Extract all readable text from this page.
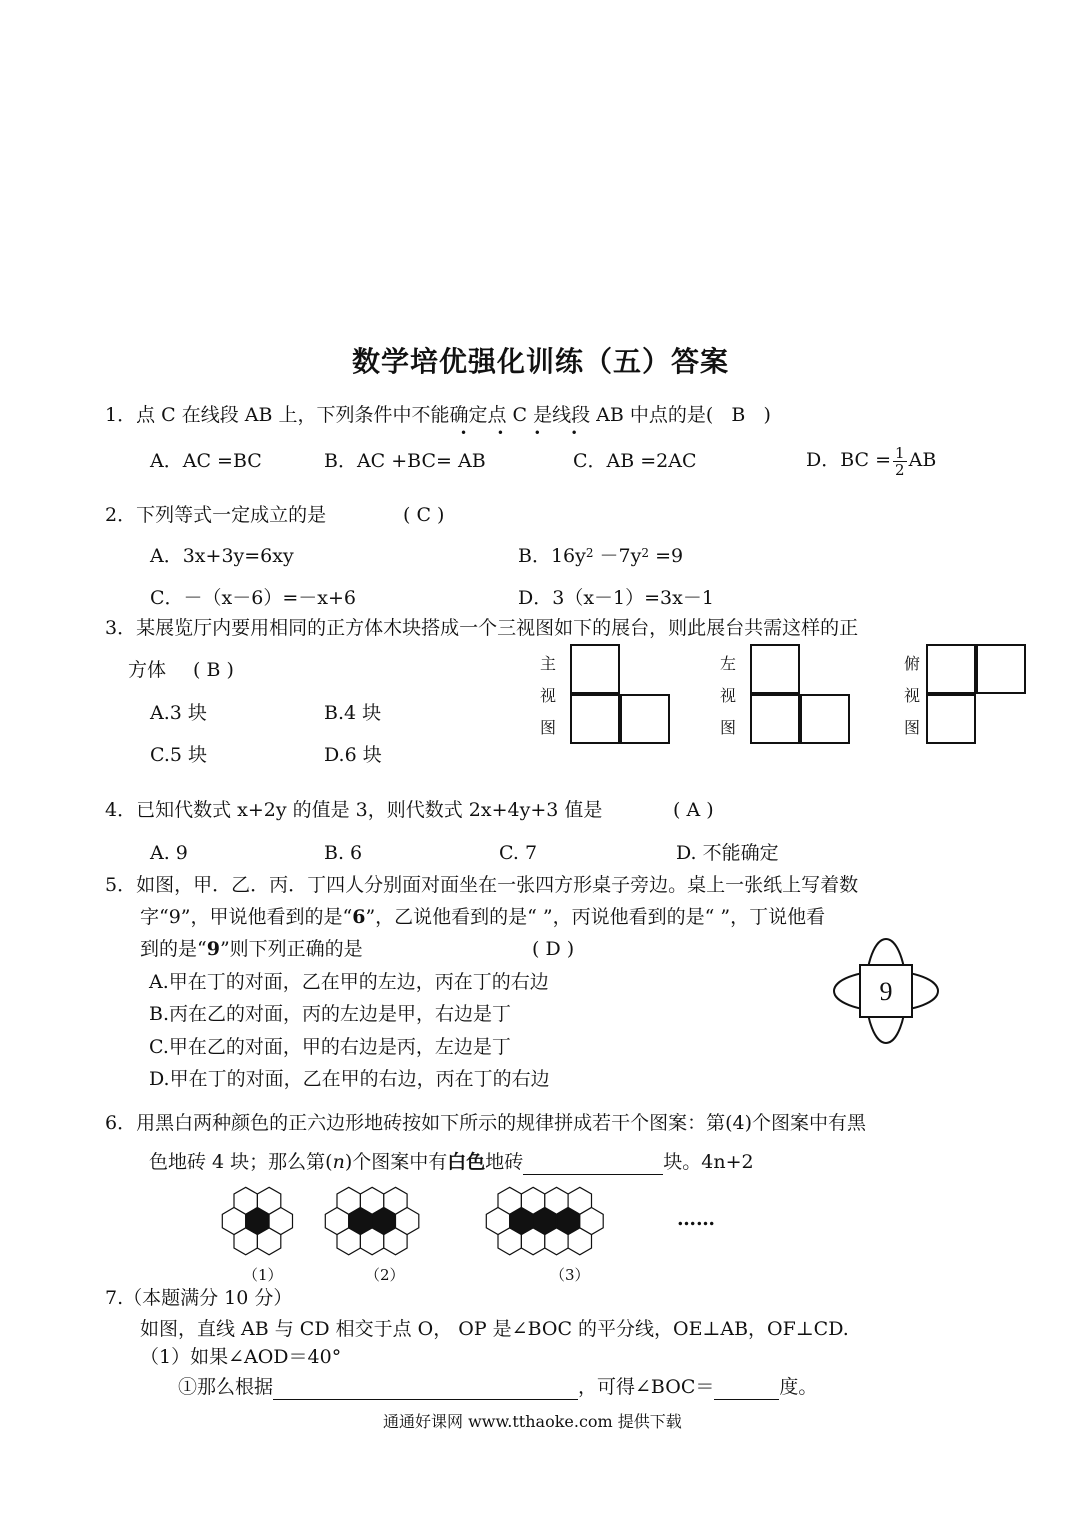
数学培优强化训练（五）答案
1．点 C 在线段 AB 上，下列条件中不能确定点 C 是线段 AB 中点的是( B )
• • • •
A．AC =BC	B．AC +BC= AB	C．AB =2AC	D．BC = $\frac{1}{2}$ AB
2．下列等式一定成立的是	( C )
A．3x+3y=6xy	B．$16y^2 -7y^2 =9$
C．－（x－6）=－x+6	D．3（x－1）=3x－1
3．某展览厅内要用相同的正方体木块搭成一个三视图如下的展台，则此展台共需这样的正
方体 ( B )
A.3 块	B.4 块
C.5 块	D.6 块
主
视
图
左
视
图
俯
视
图
4．已知代数式 x+2y 的值是 3，则代数式 2x+4y+3 值是	( A )
A. 9	B. 6	C. 7	D. 不能确定
5．如图，甲．乙．丙．丁四人分别面对面坐在一张四方形桌子旁边。桌上一张纸上写着数
字“9”，甲说他看到的是“6”，乙说他看到的是“ ”，丙说他看到的是“ ”，丁说他看
到的是“9”则下列正确的是	( D )
A.甲在丁的对面，乙在甲的左边，丙在丁的右边
B.丙在乙的对面，丙的左边是甲，右边是丁
C.甲在乙的对面，甲的右边是丙，左边是丁
D.甲在丁的对面，乙在甲的右边，丙在丁的右边
9
6．用黑白两种颜色的正六边形地砖按如下所示的规律拼成若干个图案：第(4)个图案中有黑
色地砖 4 块；那么第(n)个图案中有白色地砖	块。4n+2
（1）	（2）	（3）
……
7.（本题满分 10 分）
如图，直线 AB 与 CD 相交于点 O， OP 是∠BOC 的平分线，OE⊥AB，OF⊥CD.
（1）如果∠AOD＝40°
①那么根据	，可得∠BOC＝	度。
通通好课网 www.tthaoke.com 提供下载
